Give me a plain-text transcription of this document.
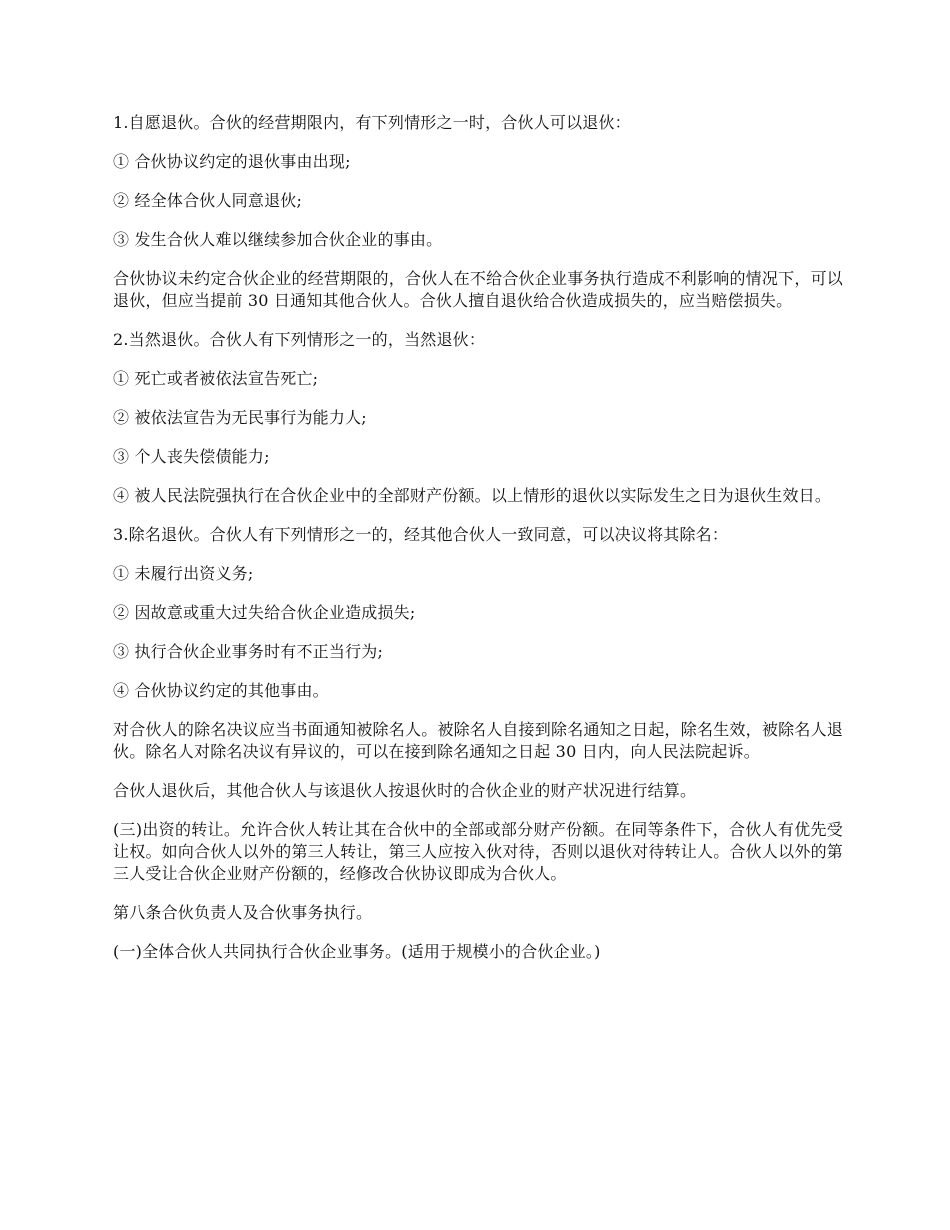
1.自愿退伙。合伙的经营期限内，有下列情形之一时，合伙人可以退伙：

① 合伙协议约定的退伙事由出现;

② 经全体合伙人同意退伙;

③ 发生合伙人难以继续参加合伙企业的事由。

合伙协议未约定合伙企业的经营期限的，合伙人在不给合伙企业事务执行造成不利影响的情况下，可以退伙，但应当提前 30 日通知其他合伙人。合伙人擅自退伙给合伙造成损失的，应当赔偿损失。

2.当然退伙。合伙人有下列情形之一的，当然退伙：

① 死亡或者被依法宣告死亡;

② 被依法宣告为无民事行为能力人;

③ 个人丧失偿债能力;

④ 被人民法院强执行在合伙企业中的全部财产份额。以上情形的退伙以实际发生之日为退伙生效日。

3.除名退伙。合伙人有下列情形之一的，经其他合伙人一致同意，可以决议将其除名：

① 未履行出资义务;

② 因故意或重大过失给合伙企业造成损失;

③ 执行合伙企业事务时有不正当行为;

④ 合伙协议约定的其他事由。

对合伙人的除名决议应当书面通知被除名人。被除名人自接到除名通知之日起，除名生效，被除名人退伙。除名人对除名决议有异议的，可以在接到除名通知之日起 30 日内，向人民法院起诉。

合伙人退伙后，其他合伙人与该退伙人按退伙时的合伙企业的财产状况进行结算。

(三)出资的转让。允许合伙人转让其在合伙中的全部或部分财产份额。在同等条件下，合伙人有优先受让权。如向合伙人以外的第三人转让，第三人应按入伙对待，否则以退伙对待转让人。合伙人以外的第三人受让合伙企业财产份额的，经修改合伙协议即成为合伙人。

第八条合伙负责人及合伙事务执行。

(一)全体合伙人共同执行合伙企业事务。(适用于规模小的合伙企业。)
